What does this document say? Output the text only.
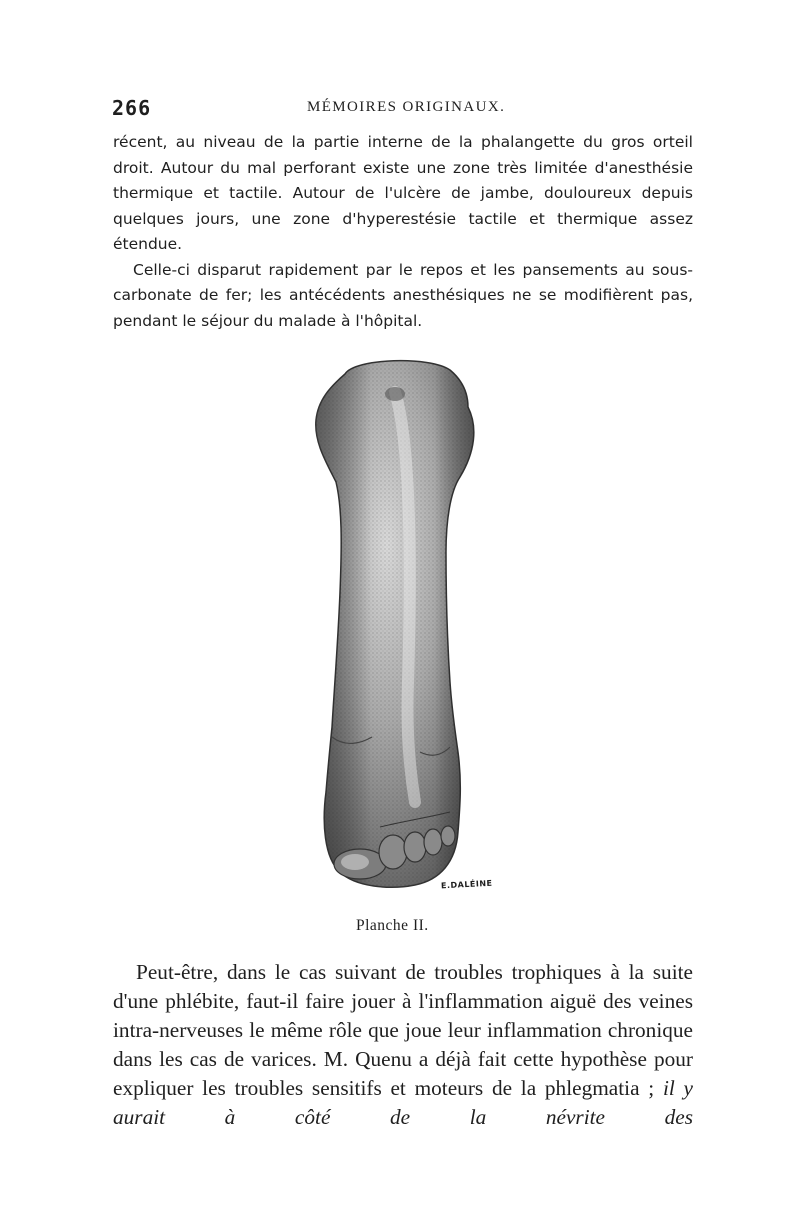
266	MÉMOIRES ORIGINAUX.

récent, au niveau de la partie interne de la phalangette du gros orteil droit. Autour du mal perforant existe une zone très limitée d'anesthésie thermique et tactile. Autour de l'ulcère de jambe, douloureux depuis quelques jours, une zone d'hyperestésie tactile et thermique assez étendue.

Celle-ci disparut rapidement par le repos et les pansements au sous-carbonate de fer; les antécédents anesthésiques ne se modifièrent pas, pendant le séjour du malade à l'hôpital.

E.DALÉINE
Planche II.
Peut-être, dans le cas suivant de troubles trophiques à la suite d'une phlébite, faut-il faire jouer à l'inflammation aiguë des veines intra-nerveuses le même rôle que joue leur inflammation chronique dans les cas de varices. M. Quenu a déjà fait cette hypothèse pour expliquer les troubles sensitifs et moteurs de la phlegmatia ; il y aurait à côté de la névrite des
